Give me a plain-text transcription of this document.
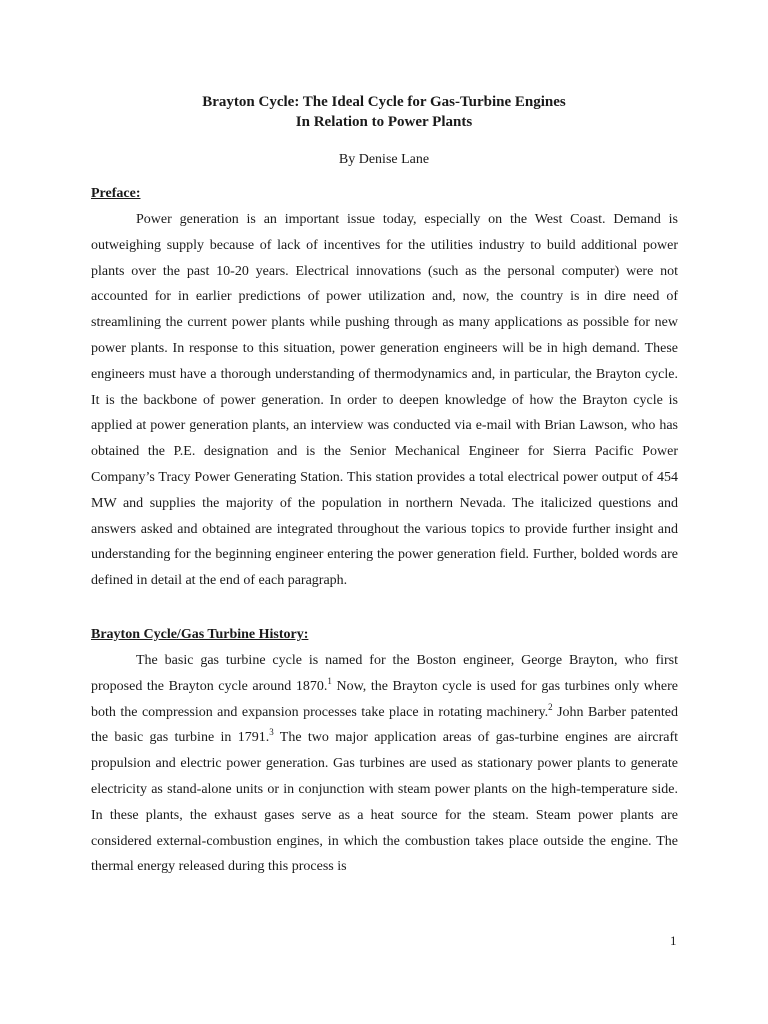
Brayton Cycle: The Ideal Cycle for Gas-Turbine Engines
In Relation to Power Plants
By Denise Lane
Preface:

Power generation is an important issue today, especially on the West Coast. Demand is outweighing supply because of lack of incentives for the utilities industry to build additional power plants over the past 10-20 years. Electrical innovations (such as the personal computer) were not accounted for in earlier predictions of power utilization and, now, the country is in dire need of streamlining the current power plants while pushing through as many applications as possible for new power plants. In response to this situation, power generation engineers will be in high demand. These engineers must have a thorough understanding of thermodynamics and, in particular, the Brayton cycle. It is the backbone of power generation. In order to deepen knowledge of how the Brayton cycle is applied at power generation plants, an interview was conducted via e-mail with Brian Lawson, who has obtained the P.E. designation and is the Senior Mechanical Engineer for Sierra Pacific Power Company’s Tracy Power Generating Station. This station provides a total electrical power output of 454 MW and supplies the majority of the population in northern Nevada. The italicized questions and answers asked and obtained are integrated throughout the various topics to provide further insight and understanding for the beginning engineer entering the power generation field. Further, bolded words are defined in detail at the end of each paragraph.

Brayton Cycle/Gas Turbine History:

The basic gas turbine cycle is named for the Boston engineer, George Brayton, who first proposed the Brayton cycle around 1870.$^1$ Now, the Brayton cycle is used for gas turbines only where both the compression and expansion processes take place in rotating machinery.$^2$ John Barber patented the basic gas turbine in 1791.$^3$ The two major application areas of gas-turbine engines are aircraft propulsion and electric power generation. Gas turbines are used as stationary power plants to generate electricity as stand-alone units or in conjunction with steam power plants on the high-temperature side. In these plants, the exhaust gases serve as a heat source for the steam. Steam power plants are considered external-combustion engines, in which the combustion takes place outside the engine. The thermal energy released during this process is

1
